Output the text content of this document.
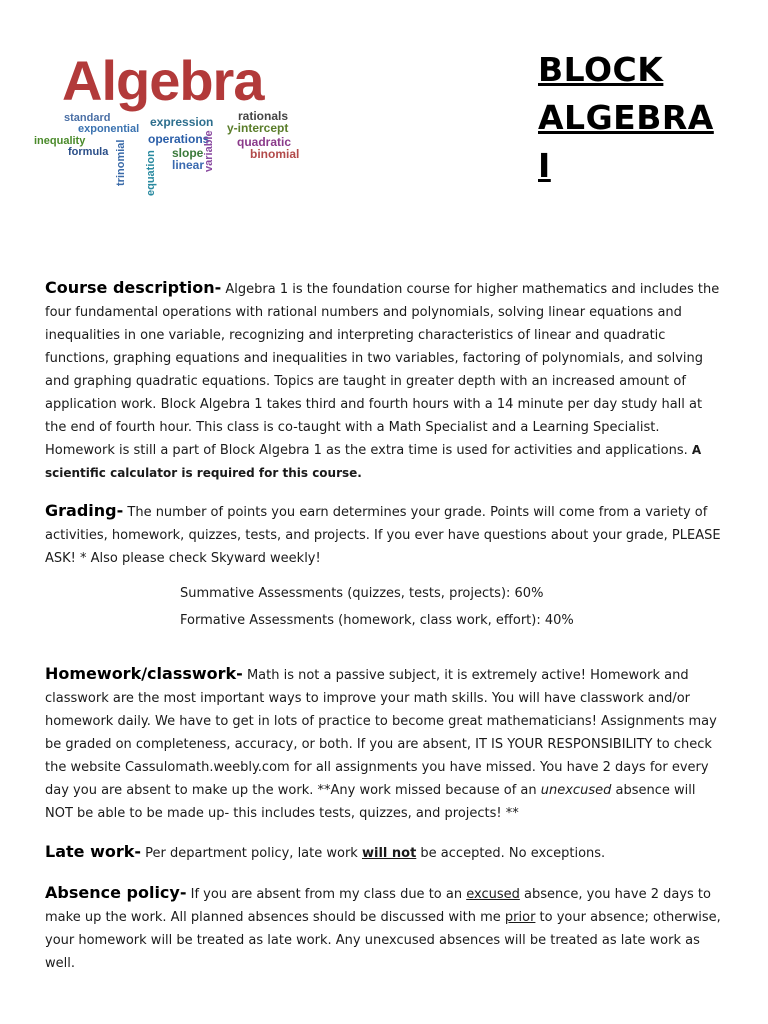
Algebra
standard	expression rationals
y-intercept
exponential
inequality	operations quadratic
formula	slope	binomial
linear
trinomial equation	variable
BLOCK ALGEBRA I
Course description- Algebra 1 is the foundation course for higher mathematics and includes the four fundamental operations with rational numbers and polynomials, solving linear equations and inequalities in one variable, recognizing and interpreting characteristics of linear and quadratic functions, graphing equations and inequalities in two variables, factoring of polynomials, and solving and graphing quadratic equations. Topics are taught in greater depth with an increased amount of application work. Block Algebra 1 takes third and fourth hours with a 14 minute per day study hall at the end of fourth hour. This class is co-taught with a Math Specialist and a Learning Specialist. Homework is still a part of Block Algebra 1 as the extra time is used for activities and applications. A scientific calculator is required for this course.
Grading- The number of points you earn determines your grade. Points will come from a variety of activities, homework, quizzes, tests, and projects. If you ever have questions about your grade, PLEASE ASK! * Also please check Skyward weekly!
Summative Assessments (quizzes, tests, projects): 60%
Formative Assessments (homework, class work, effort): 40%
Homework/classwork- Math is not a passive subject, it is extremely active! Homework and classwork are the most important ways to improve your math skills. You will have classwork and/or homework daily. We have to get in lots of practice to become great mathematicians! Assignments may be graded on completeness, accuracy, or both. If you are absent, IT IS YOUR RESPONSIBILITY to check the website Cassulomath.weebly.com for all assignments you have missed. You have 2 days for every day you are absent to make up the work. **Any work missed because of an unexcused absence will NOT be able to be made up- this includes tests, quizzes, and projects! **
Late work- Per department policy, late work will not be accepted. No exceptions.
Absence policy- If you are absent from my class due to an excused absence, you have 2 days to make up the work. All planned absences should be discussed with me prior to your absence; otherwise, your homework will be treated as late work. Any unexcused absences will be treated as late work as well.
